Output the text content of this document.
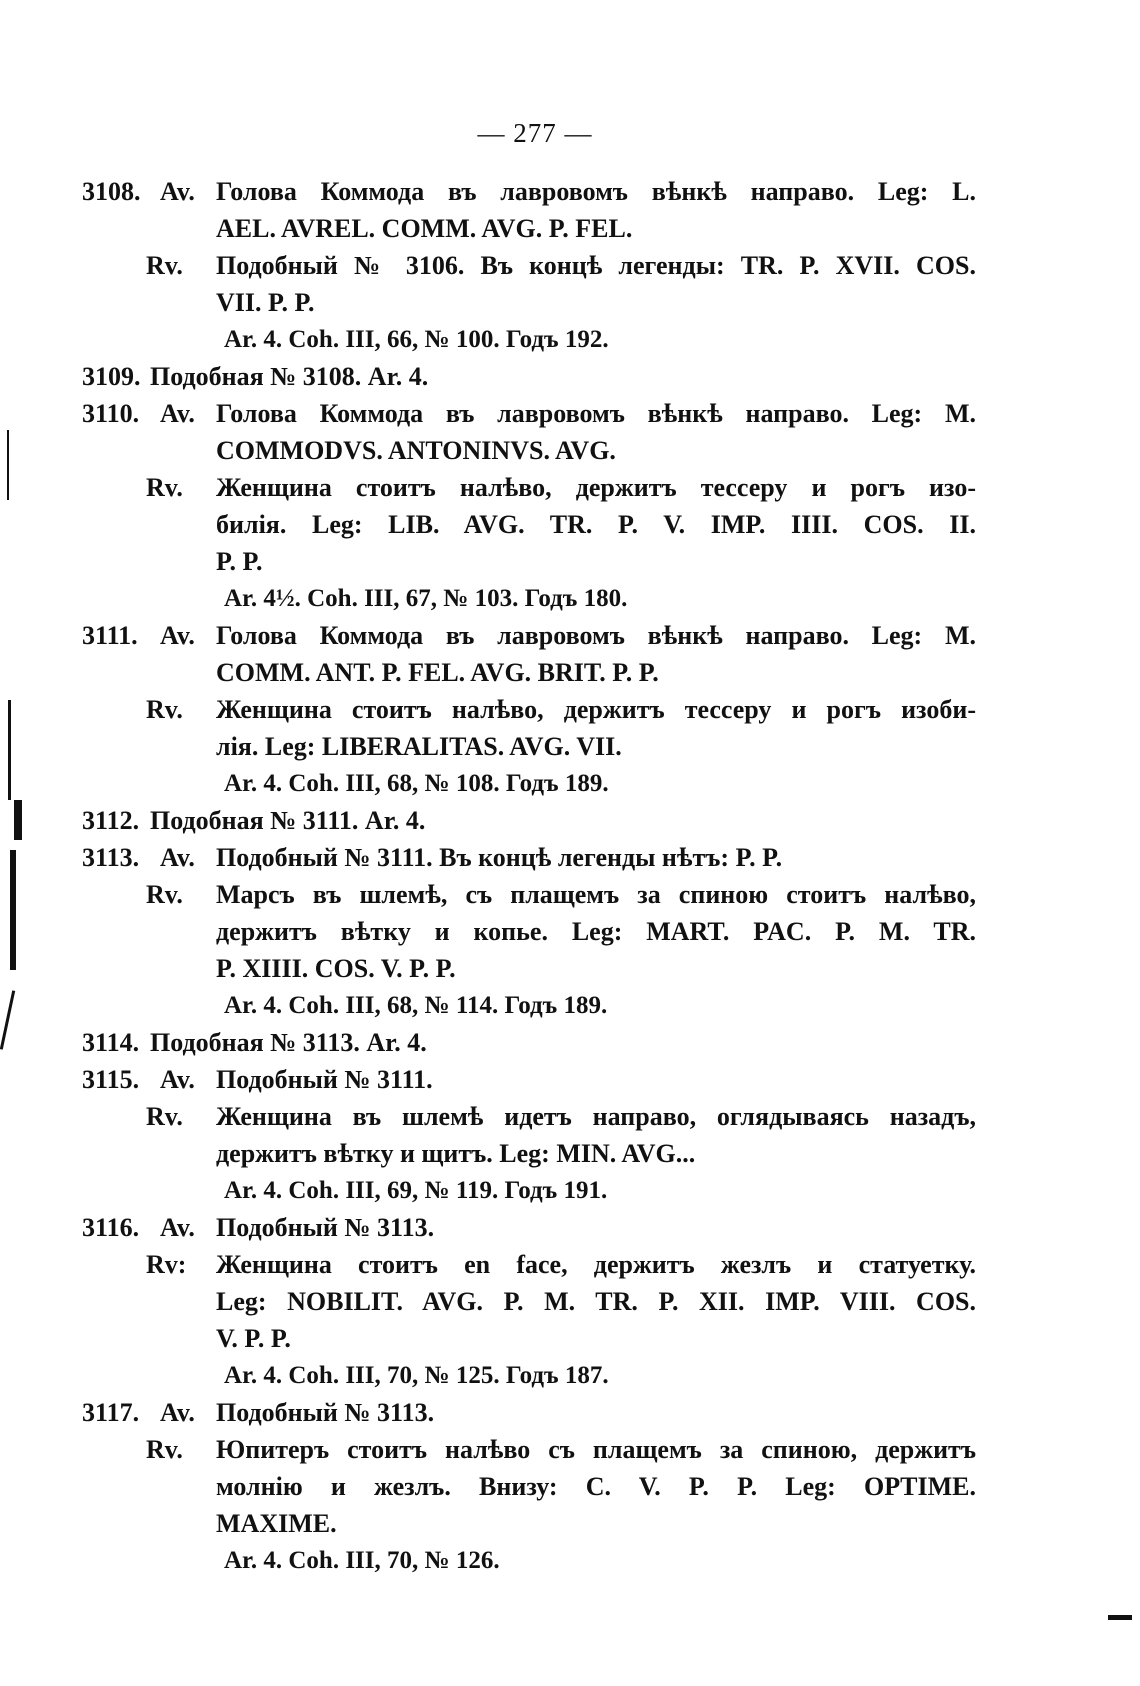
— 277 —
3108. Av. Голова Коммода въ лавровомъ вѣнкѣ направо. Leg: L.
AEL. AVREL. COMM. AVG. P. FEL.
Rv. Подобный № 3106. Въ концѣ легенды: TR. P. XVII. COS.
VII. P. P.
Ar. 4. Coh. III, 66, № 100. Годъ 192.
3109. Подобная № 3108. Ar. 4.
3110. Av. Голова Коммода въ лавровомъ вѣнкѣ направо. Leg: M.
COMMODVS. ANTONINVS. AVG.
Rv. Женщина стоитъ налѣво, держитъ тессеру и рогъ изо-
билія. Leg: LIB. AVG. TR. P. V. IMP. IIII. COS. II.
P. P.
Ar. 4½. Coh. III, 67, № 103. Годъ 180.
3111. Av. Голова Коммода въ лавровомъ вѣнкѣ направо. Leg: M.
COMM. ANT. P. FEL. AVG. BRIT. P. P.
Rv. Женщина стоитъ налѣво, держитъ тессеру и рогъ изоби-
лія. Leg: LIBERALITAS. AVG. VII.
Ar. 4. Coh. III, 68, № 108. Годъ 189.
3112. Подобная № 3111. Ar. 4.
3113. Av. Подобный № 3111. Въ концѣ легенды нѣтъ: P. P.
Rv. Марсъ въ шлемѣ, съ плащемъ за спиною стоитъ налѣво,
держитъ вѣтку и копье. Leg: MART. PAC. P. M. TR.
P. XIIII. COS. V. P. P.
Ar. 4. Coh. III, 68, № 114. Годъ 189.
3114. Подобная № 3113. Ar. 4.
3115. Av. Подобный № 3111.
Rv. Женщина въ шлемѣ идетъ направо, оглядываясь назадъ,
держитъ вѣтку и щитъ. Leg: MIN. AVG...
Ar. 4. Coh. III, 69, № 119. Годъ 191.
3116. Av. Подобный № 3113.
Rv: Женщина стоитъ en face, держитъ жезлъ и статуетку.
Leg: NOBILIT. AVG. P. M. TR. P. XII. IMP. VIII. COS.
V. P. P.
Ar. 4. Coh. III, 70, № 125. Годъ 187.
3117. Av. Подобный № 3113.
Rv. Юпитеръ стоитъ налѣво съ плащемъ за спиною, держитъ
молнію и жезлъ. Внизу: C. V. P. P. Leg: OPTIME.
MAXIME.
Ar. 4. Coh. III, 70, № 126.
